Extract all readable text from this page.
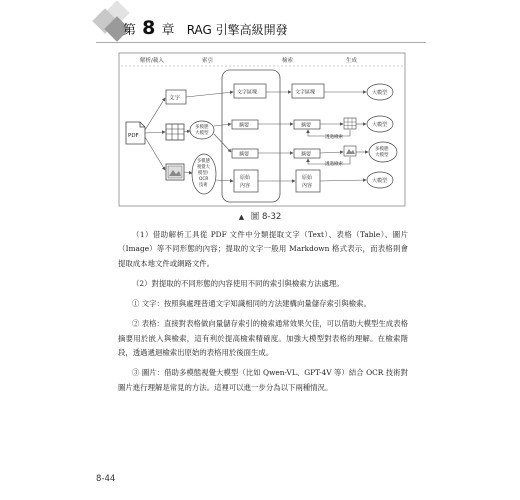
第 8 章 RAG 引擎高級開發
解析/載入	索引	檢索	生成
PDF
文字
多模態
大模型
多模態
視覺大
模型/
OCR
技術
文字區塊
摘要
摘要
原始
內容
文字區塊
摘要
透過檢索
摘要
透過檢索
原始
內容
大模型
大模型
多模態
大模型
大模型
▲ 圖 8-32

（1）借助解析工具從 PDF 文件中分類提取文字（Text）、表格（Table）、圖片（Image）等不同形態的內容；提取的文字一般用 Markdown 格式表示，而表格則會提取成本地文件或網路文件。

（2）對提取的不同形態的內容使用不同的索引與檢索方法處理。

① 文字：按照與處理普通文字知識相同的方法建構向量儲存索引與檢索。

② 表格：直接對表格做向量儲存索引的檢索通常效果欠佳，可以借助大模型生成表格摘要用於嵌入與檢索，這有利於提高檢索精確度。加強大模型對表格的理解。在檢索階段，透過遞迴檢索出原始的表格用於後面生成。

③ 圖片：借助多模態視覺大模型（比如 Qwen-VL、GPT-4V 等）結合 OCR 技術對圖片進行理解是常見的方法。這裡可以進一步分為以下兩種情況。

8-44
